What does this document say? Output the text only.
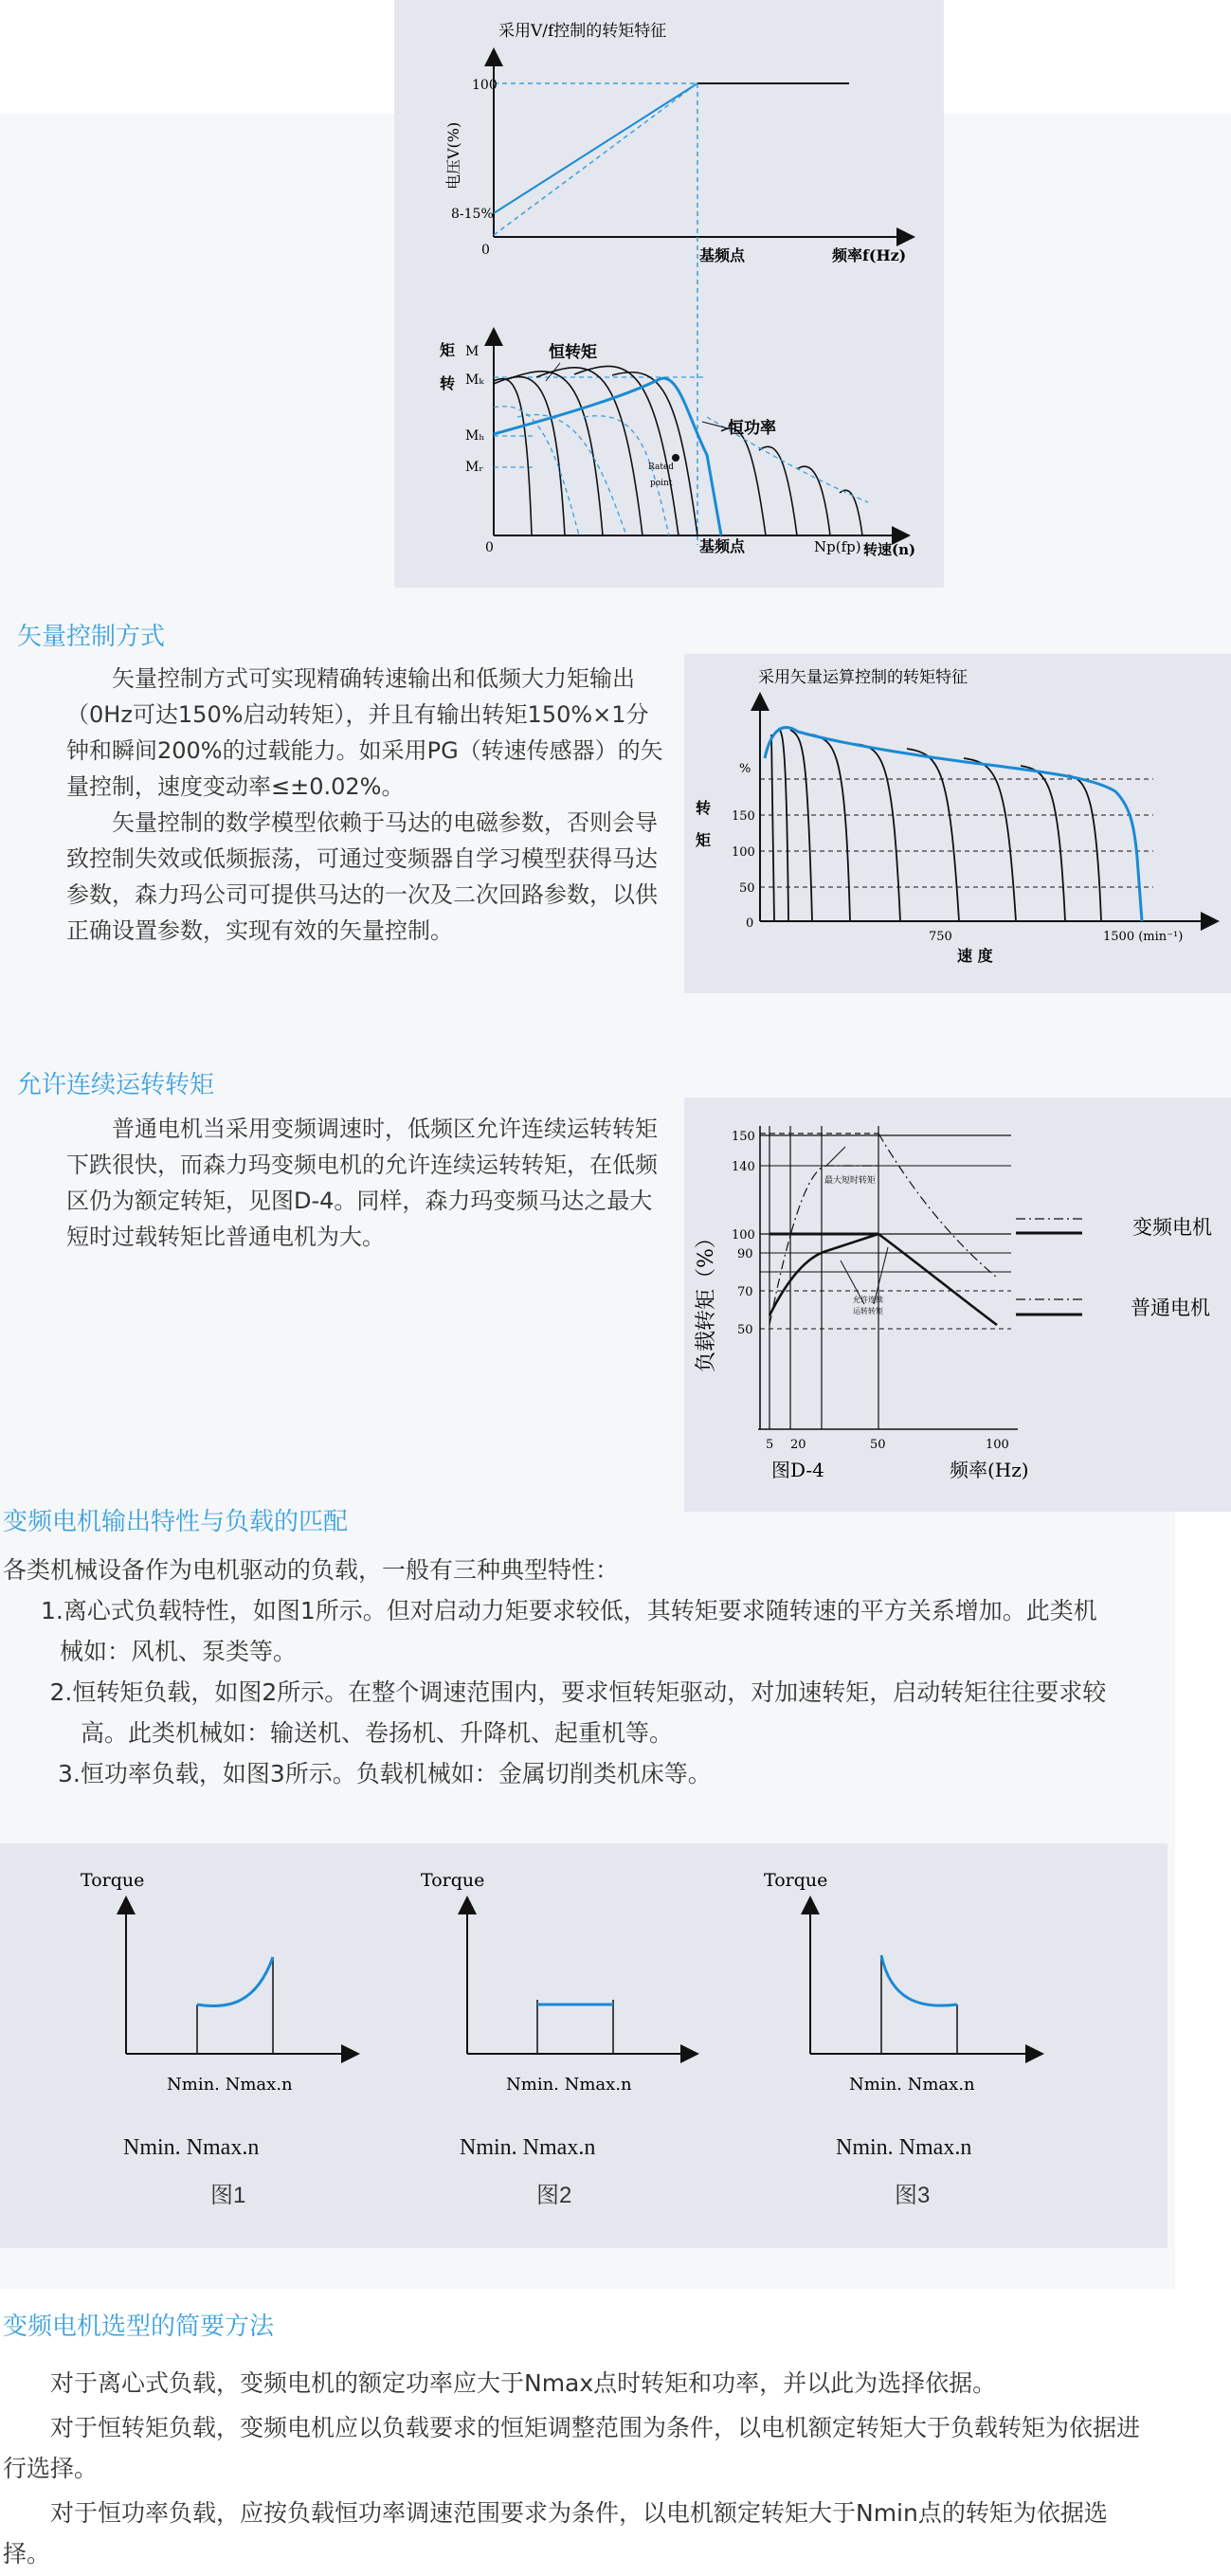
采用V/f控制的转矩特征
100
8-15%
0
电压V(%)
基频点	频率f(Hz)
M
Mₖ
Mₕ
Mᵣ
转
矩	恒转矩
恒功率
Rated
point
0	基频点	Np(fp) 转速(n)
矢量控制方式

矢量控制方式可实现精确转速输出和低频大力矩输出（0Hz可达150%启动转矩），并且有输出转矩150%×1分钟和瞬间200%的过载能力。如采用PG（转速传感器）的矢量控制，速度变动率≤±0.02%。

矢量控制的数学模型依赖于马达的电磁参数，否则会导致控制失效或低频振荡，可通过变频器自学习模型获得马达参数，森力玛公司可提供马达的一次及二次回路参数，以供正确设置参数，实现有效的矢量控制。

采用矢量运算控制的转矩特征
%
150
100
50
0
转
矩
750	1500 (min⁻¹)
速 度
允许连续运转转矩

普通电机当采用变频调速时，低频区允许连续运转转矩下跌很快，而森力玛变频电机的允许连续运转转矩，在低频区仍为额定转矩，见图D-4。同样，森力玛变频马达之最大短时过载转矩比普通电机为大。

150
140
100
90
70
50
负载转矩（%）
5 20	50	100
最大短时转矩
允许连续
运转转矩
图D-4	频率(Hz)
变频电机
普通电机
变频电机输出特性与负载的匹配

各类机械设备作为电机驱动的负载，一般有三种典型特性：

1.离心式负载特性，如图1所示。但对启动力矩要求较低，其转矩要求随转速的平方关系增加。此类机械如：风机、泵类等。

2.恒转矩负载，如图2所示。在整个调速范围内，要求恒转矩驱动，对加速转矩，启动转矩往往要求较高。此类机械如：输送机、卷扬机、升降机、起重机等。

3.恒功率负载，如图3所示。负载机械如：金属切削类机床等。

Torque
Nmin. Nmax.n
Torque
Nmin. Nmax.n
Torque
Nmin. Nmax.n
Nmin. Nmax.n	Nmin. Nmax.n	Nmin. Nmax.n
图1	图2	图3
变频电机选型的简要方法

对于离心式负载，变频电机的额定功率应大于Nmax点时转矩和功率，并以此为选择依据。

对于恒转矩负载，变频电机应以负载要求的恒矩调整范围为条件，以电机额定转矩大于负载转矩为依据进行选择。

对于恒功率负载，应按负载恒功率调速范围要求为条件，以电机额定转矩大于Nmin点的转矩为依据选择。
